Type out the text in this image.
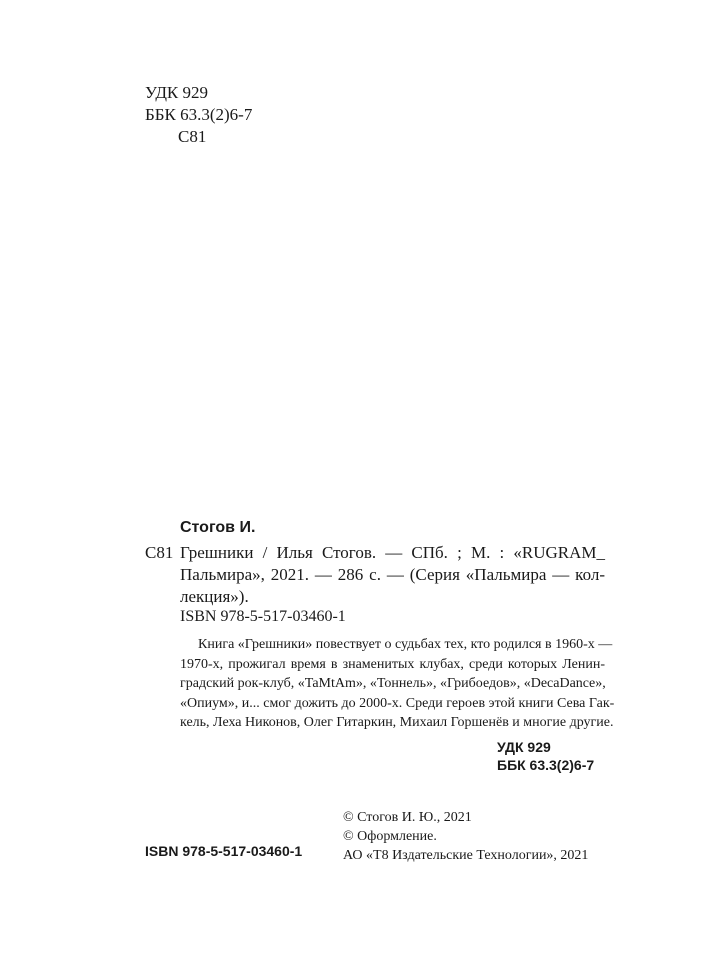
УДК 929
ББК 63.3(2)6-7
С81
Стогов И.
С81 Грешники / Илья Стогов. — СПб. ; М. : «RUGRAM_
Пальмира», 2021. — 286 с. — (Серия «Пальмира — кол-
лекция»).
ISBN 978-5-517-03460-1
Книга «Грешники» повествует о судьбах тех, кто родился в 1960-х —
1970-х, прожигал время в знаменитых клубах, среди которых Ленин-
градский рок-клуб, «TaMtAm», «Тоннель», «Грибоедов», «DecaDance»,
«Опиум», и... смог дожить до 2000-х. Среди героев этой книги Сева Гак-
кель, Леха Никонов, Олег Гитаркин, Михаил Горшенёв и многие другие.
УДК 929
ББК 63.3(2)6-7
© Стогов И. Ю., 2021
© Оформление.
АО «Т8 Издательские Технологии», 2021
ISBN 978-5-517-03460-1
